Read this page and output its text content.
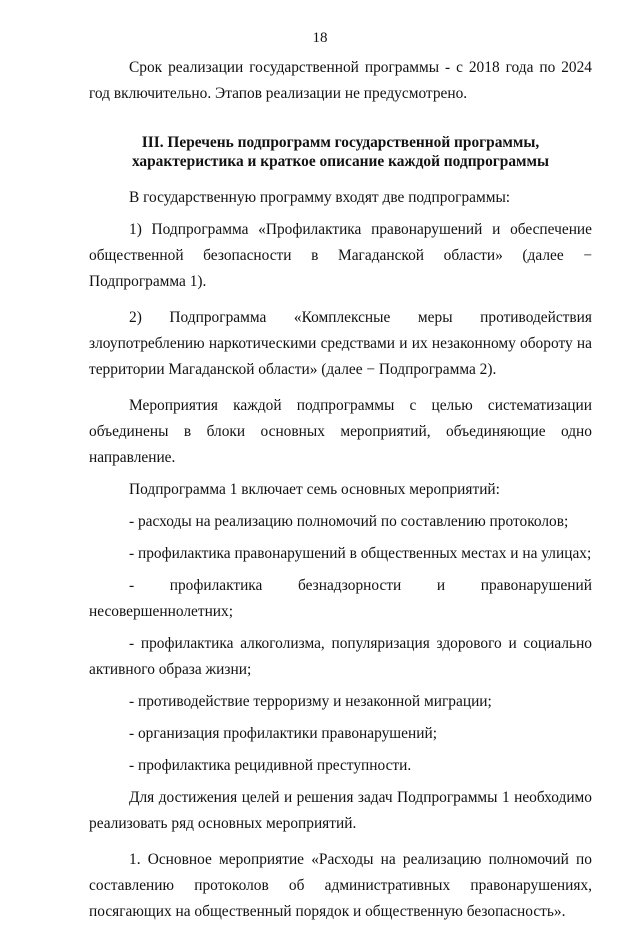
18

Срок реализации государственной программы - с 2018 года по 2024 год включительно. Этапов реализации не предусмотрено.

III. Перечень подпрограмм государственной программы, характеристика и краткое описание каждой подпрограммы

В государственную программу входят две подпрограммы:

1) Подпрограмма «Профилактика правонарушений и обеспечение общественной безопасности в Магаданской области» (далее − Подпрограмма 1).

2) Подпрограмма «Комплексные меры противодействия злоупотреблению наркотическими средствами и их незаконному обороту на территории Магаданской области» (далее − Подпрограмма 2).

Мероприятия каждой подпрограммы с целью систематизации объединены в блоки основных мероприятий, объединяющие одно направление.

Подпрограмма 1 включает семь основных мероприятий:

- расходы на реализацию полномочий по составлению протоколов;

- профилактика правонарушений в общественных местах и на улицах;

- профилактика безнадзорности и правонарушений несовершеннолетних;

- профилактика алкоголизма, популяризация здорового и социально активного образа жизни;

- противодействие терроризму и незаконной миграции;

- организация профилактики правонарушений;

- профилактика рецидивной преступности.

Для достижения целей и решения задач Подпрограммы 1 необходимо реализовать ряд основных мероприятий.

1. Основное мероприятие «Расходы на реализацию полномочий по составлению протоколов об административных правонарушениях, посягающих на общественный порядок и общественную безопасность».
